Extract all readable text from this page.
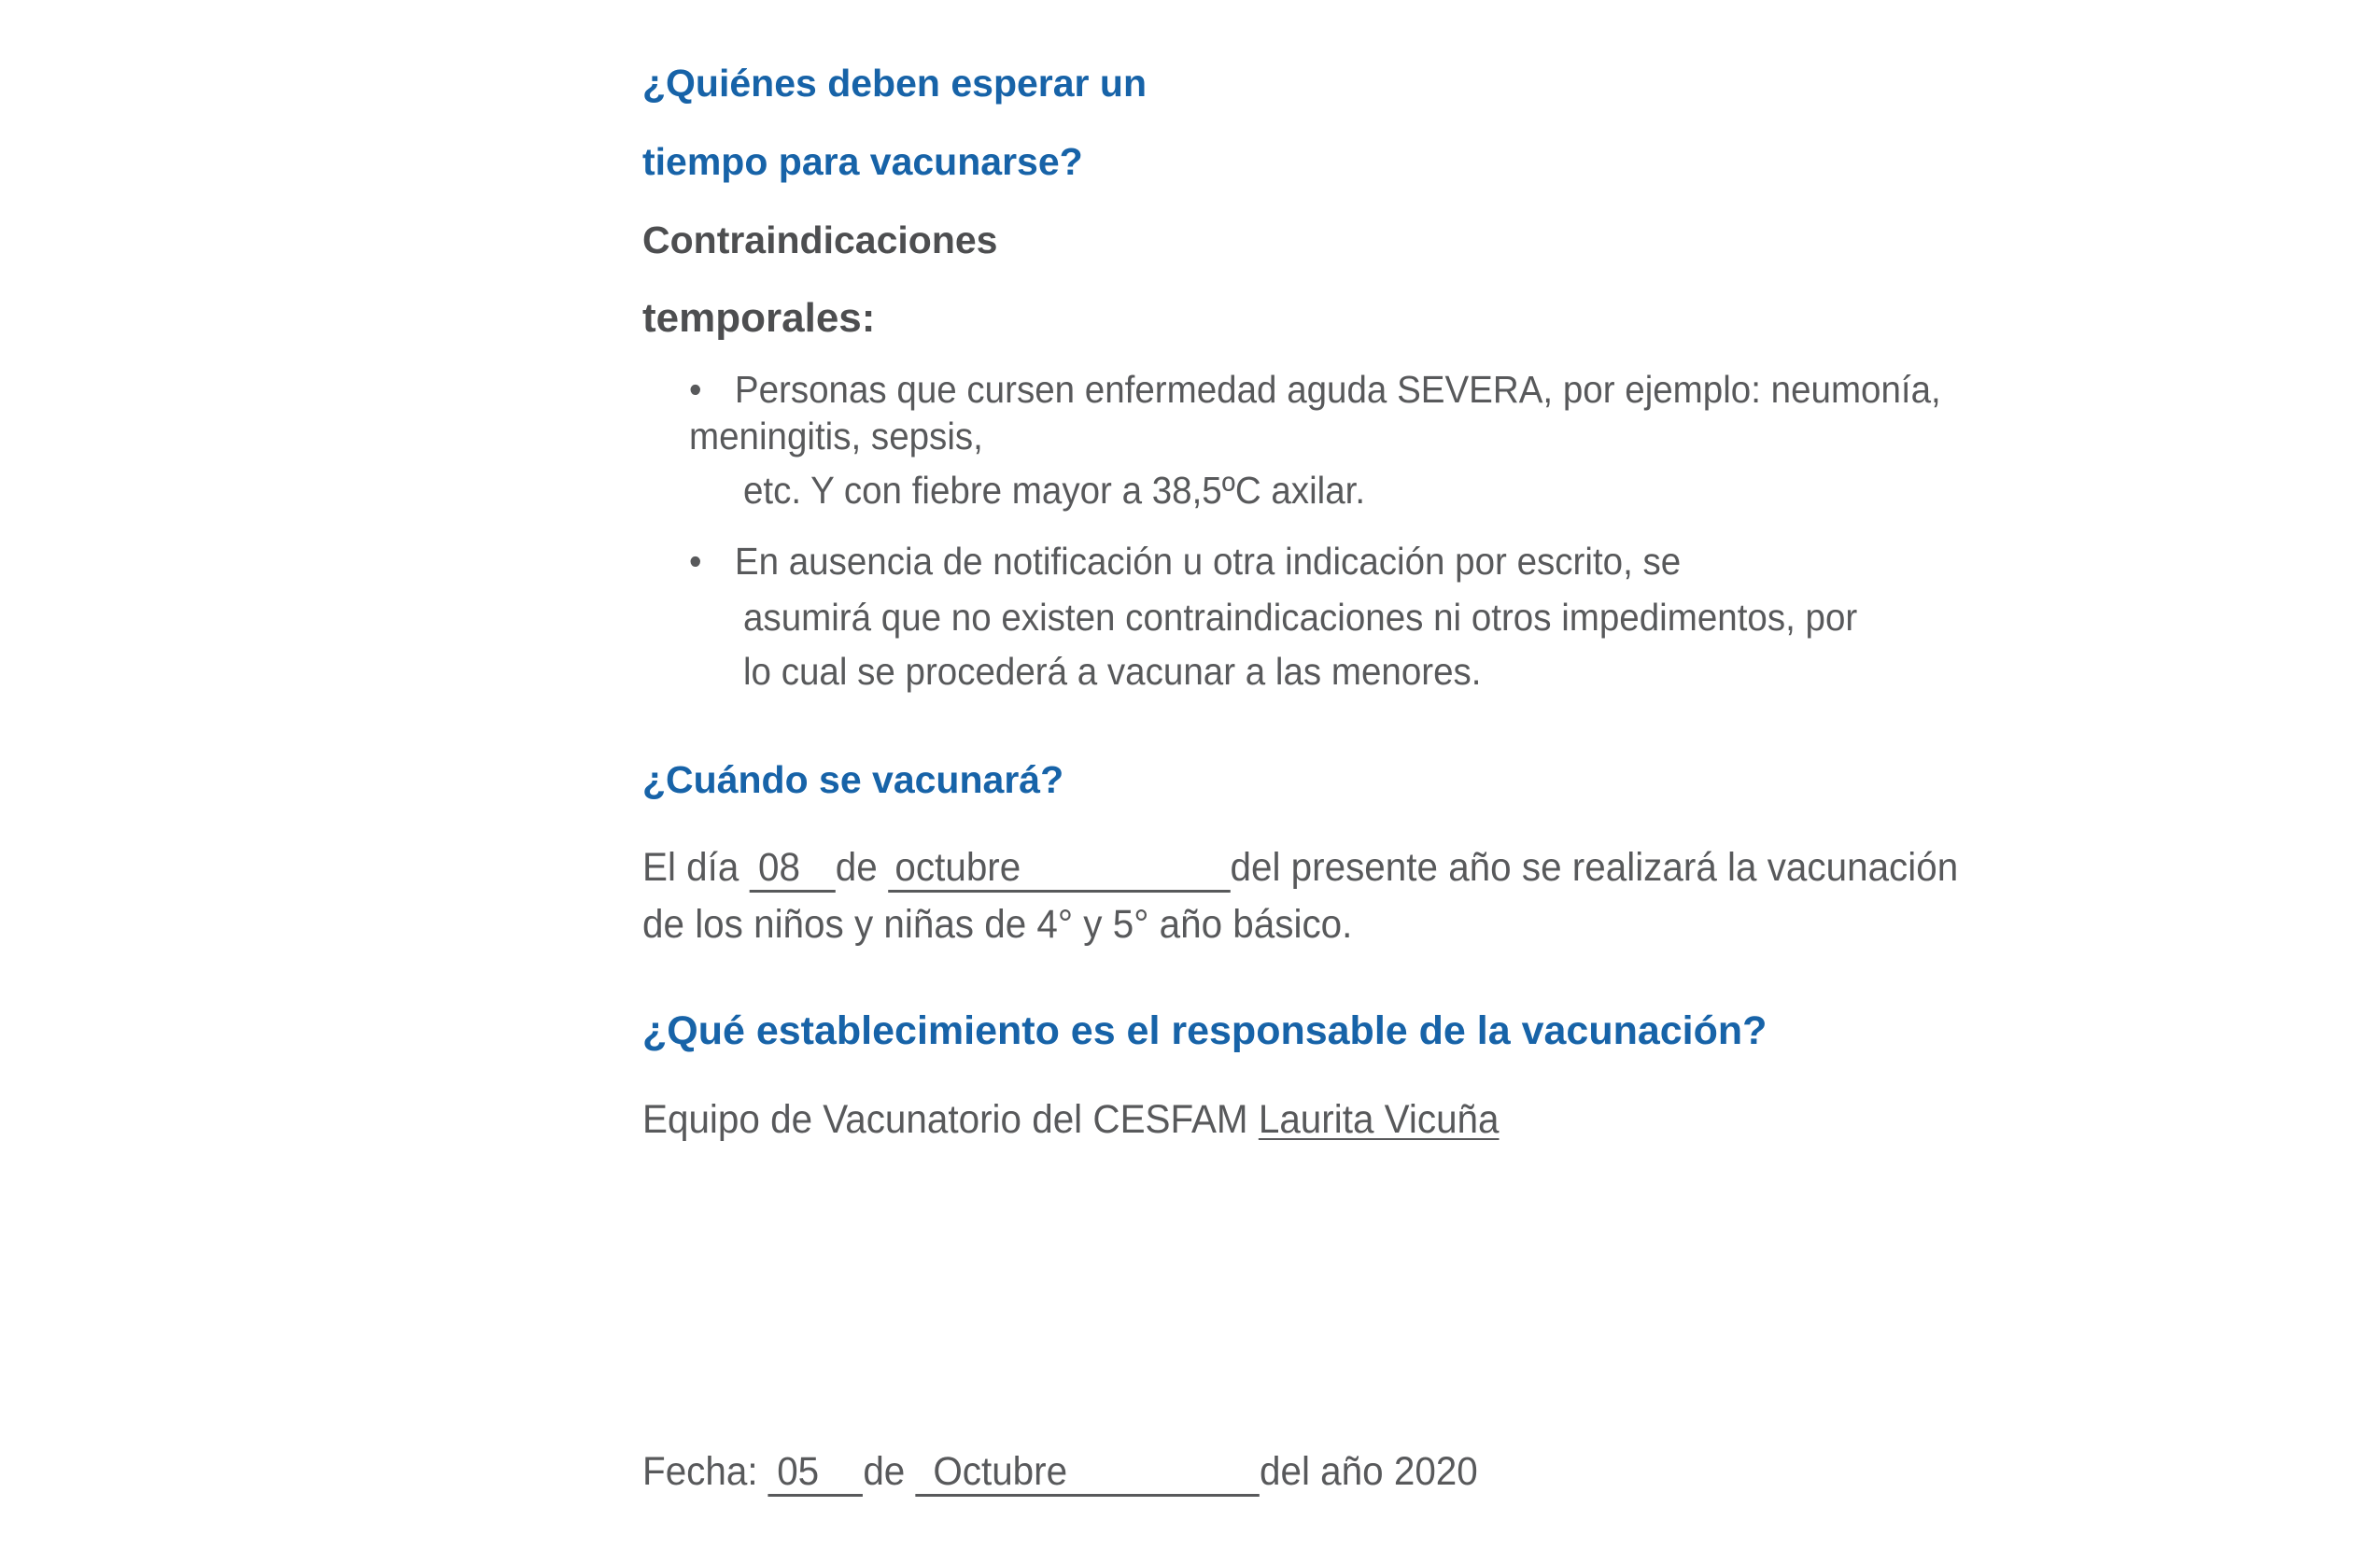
¿Quiénes deben esperar un
tiempo para vacunarse?
Contraindicaciones
temporales:
• Personas que cursen enfermedad aguda SEVERA, por ejemplo: neumonía,
meningitis, sepsis,
etc. Y con fiebre mayor a 38,5ºC axilar.
• En ausencia de notificación u otra indicación por escrito, se
asumirá que no existen contraindicaciones ni otros impedimentos, por
lo cual se procederá a vacunar a las menores.
¿Cuándo se vacunará?
El día 08 de octubre	del presente año se realizará la vacunación
de los niños y niñas de 4° y 5° año básico.
¿Qué establecimiento es el responsable de la vacunación?
Equipo de Vacunatorio del CESFAM Laurita Vicuña
Fecha: 05 de Octubre	del año 2020
